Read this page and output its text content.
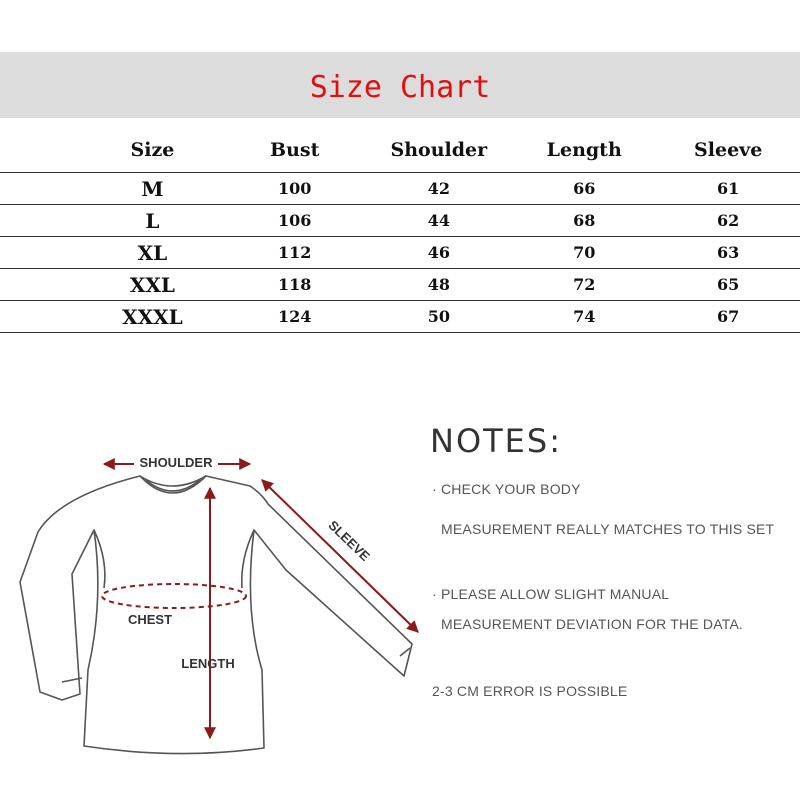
Size Chart
	Size	Bust	Shoulder	Length	Sleeve	
	M	100	42	66	61	
	L	106	44	68	62	
	XL	112	46	70	63	
	XXL	118	48	72	65	
	XXXL	124	50	74	67	
SHOULDER
SLEEVE
CHEST
LENGTH
NOTES:
· CHECK YOUR BODY
MEASUREMENT REALLY MATCHES TO THIS SET
· PLEASE ALLOW SLIGHT MANUAL
MEASUREMENT DEVIATION FOR THE DATA.
2-3 CM ERROR IS POSSIBLE
